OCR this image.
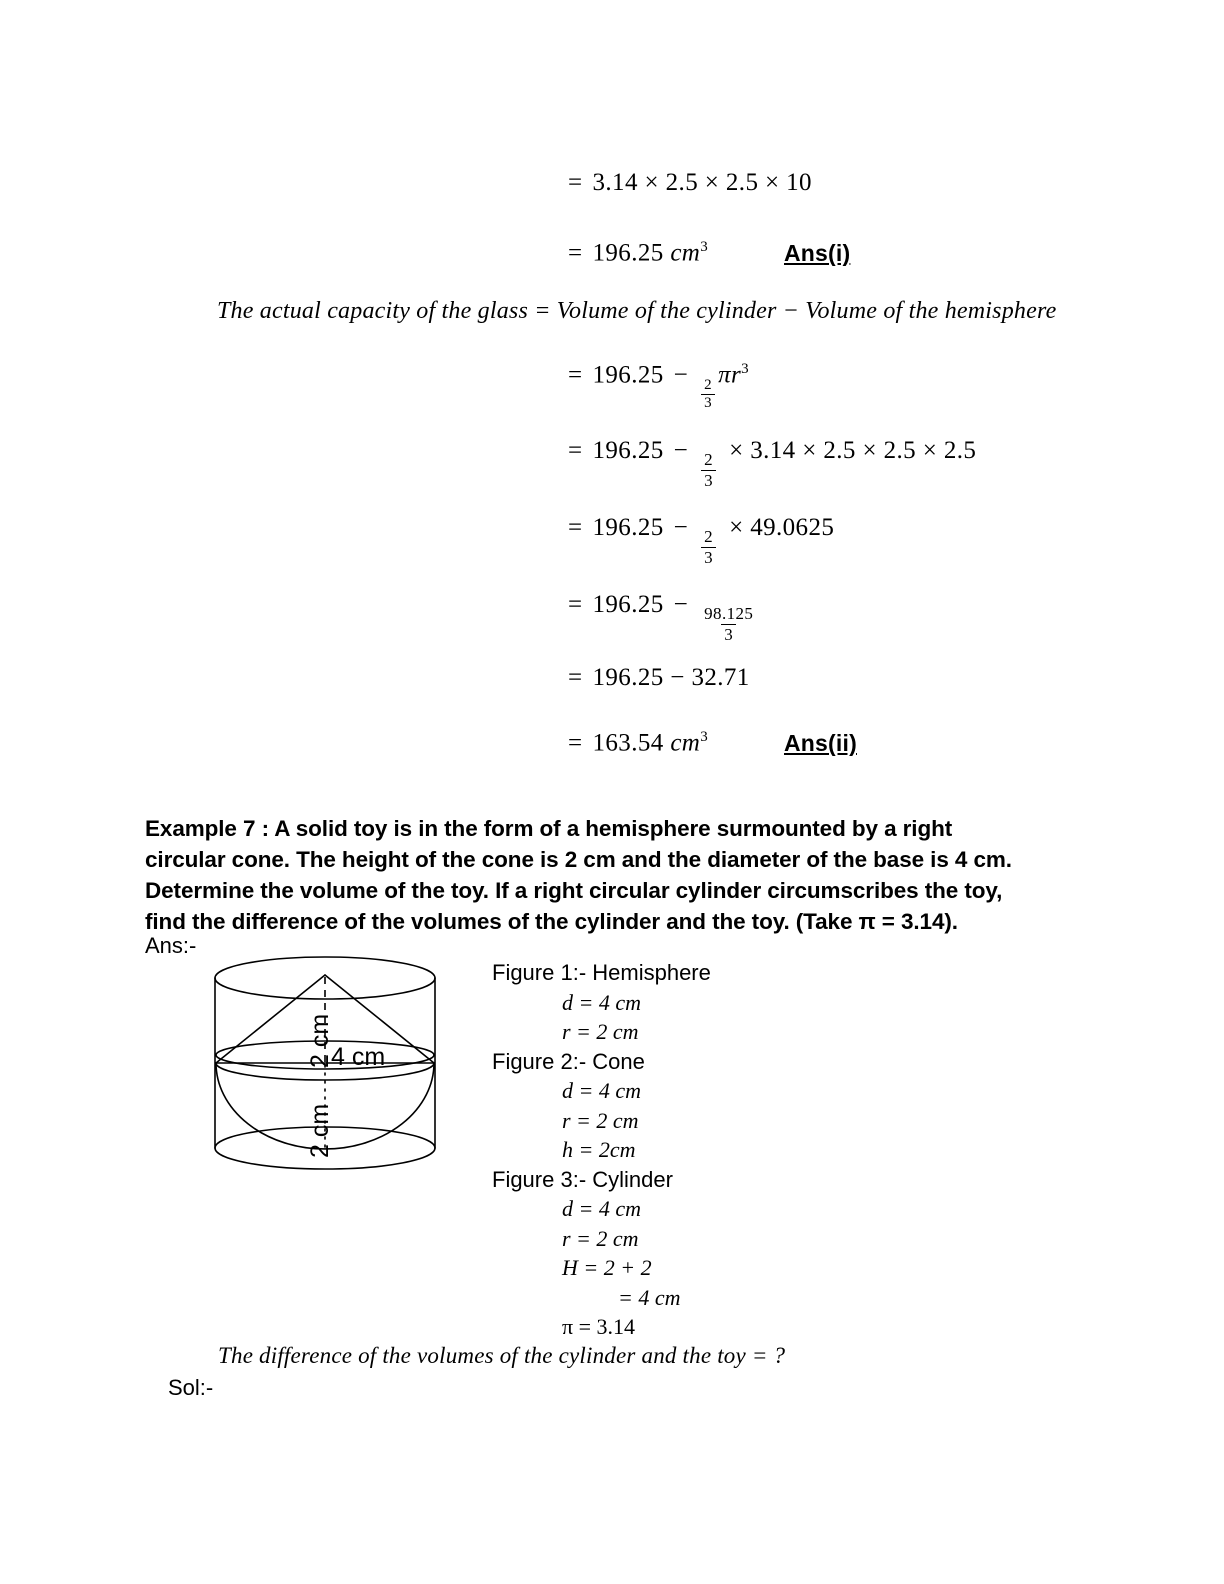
= 3.14 × 2.5 × 2.5 × 10
= 196.25 $cm^3$	Ans(i)
The actual capacity of the glass = Volume of the cylinder − Volume of the hemisphere
= 196.25 −
$\frac{2}{3}$
$\pi r^3$
= 196.25 −
$\frac{2}{3}$
× 3.14 × 2.5 × 2.5 × 2.5
= 196.25 −
$\frac{2}{3}$
× 49.0625
= 196.25 −
$\frac{98.125}{3}$
= 196.25 − 32.71
= 163.54 $cm^3$	Ans(ii)
Example 7 : A solid toy is in the form of a hemisphere surmounted by a right circular cone. The height of the cone is 2 cm and the diameter of the base is 4 cm. Determine the volume of the toy. If a right circular cylinder circumscribes the toy, find the difference of the volumes of the cylinder and the toy. (Take π = 3.14).
Ans:-
Sol:-
2 cm
2 cm
4 cm
Figure 1:- Hemisphere
d = 4 cm
r = 2 cm
Figure 2:- Cone
d = 4 cm
r = 2 cm
h = 2cm
Figure 3:- Cylinder
d = 4 cm
r = 2 cm
H = 2 + 2
= 4 cm
π = 3.14
The difference of the volumes of the cylinder and the toy = ?
